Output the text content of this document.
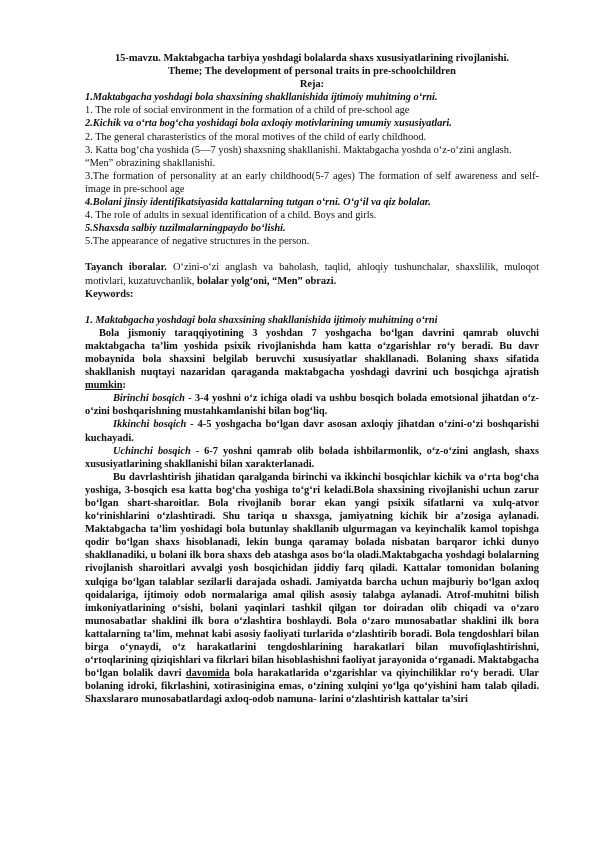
15-mavzu. Maktabgacha tarbiya yoshdagi bolalarda shaxs xususiyatlarining rivojlanishi.

Theme; The development of personal traits in pre-schoolchildren

Reja:

1.Maktabgacha yoshdagi bola shaxsining shakllanishida ijtimoiy muhitning o‘rni.

1. The role of social environment in the formation of a child of pre-school age

2.Kichik va o‘rta bog‘cha yoshidagi bola axloqiy motivlarining umumiy xususiyatlari.

2. The general charasteristics of the moral motives of the child of early childhood.

3. Katta bog‘cha yoshida (5—7 yosh) shaxsning shakllanishi. Maktabgacha yoshda o‘z-o‘zini anglash. “Men” obrazining shakllanishi.

3.The formation of personality at an early childhood(5-7 ages) The formation of self awareness and self-image in pre-school age

4.Bolani jinsiy identifikatsiyasida kattalarning tutgan o‘rni. O‘g‘il va qiz bolalar.

4. The role of adults in sexual identification of a child. Boys and girls.

5.Shaxsda salbiy tuzilmalarningpaydo bo‘lishi.

5.The appearance of negative structures in the person.

Tayanch iboralar. O‘zini-o‘zi anglash va baholash, taqlid, ahloqiy tushunchalar, shaxslilik, muloqot motivlari, kuzatuvchanlik, bolalar yolg‘oni, “Men” obrazi.

Keywords:

1. Maktabgacha yoshdagi bola shaxsining shakllanishida ijtimoiy muhitning o‘rni

Bola jismoniy taraqqiyotining 3 yoshdan 7 yoshgacha bo‘lgan davrini qamrab oluvchi maktabgacha ta’lim yoshida psixik rivojlanishda ham katta o‘zgarishlar ro‘y beradi. Bu davr mobaynida bola shaxsini belgilab beruvchi xususiyatlar shakllanadi. Bolaning shaxs sifatida shakllanish nuqtayi nazaridan qaraganda maktabgacha yoshdagi davrini uch bosqichga ajratish mumkin:

Birinchi bosqich - 3-4 yoshni o‘z ichiga oladi va ushbu bosqich bolada emotsional jihatdan o‘z-o‘zini boshqarishning mustahkamlanishi bilan bog‘liq.

Ikkinchi bosqich - 4-5 yoshgacha bo‘lgan davr asosan axloqiy jihatdan o‘zini-o‘zi boshqarishi kuchayadi.

Uchinchi bosqich - 6-7 yoshni qamrab olib bolada ishbilarmonlik, o‘z-o‘zini anglash, shaxs xususiyatlarining shakllanishi bilan xarakterlanadi.

Bu davrlashtirish jihatidan qaralganda birinchi va ikkinchi bosqichlar kichik va o‘rta bog‘cha yoshiga, 3-bosqich esa katta bog‘cha yoshiga to‘g‘ri keladi.Bola shaxsining rivojlanishi uchun zarur bo‘lgan shart-sharoitlar. Bola rivojlanib borar ekan yangi psixik sifatlarni va xulq-atvor ko‘rinishlarini o‘zlashtiradi. Shu tariqa u shaxsga, jamiyatning kichik bir a’zosiga aylanadi. Maktabgacha ta’lim yoshidagi bola butunlay shakllanib ulgurmagan va keyinchalik kamol topishga qodir bo‘lgan shaxs hisoblanadi, lekin bunga qaramay bolada nisbatan barqaror ichki dunyo shakllanadiki, u bolani ilk bora shaxs deb atashga asos bo‘la oladi.Maktabgacha yoshdagi bolalarning rivojlanish sharoitlari avvalgi yosh bosqichidan jiddiy farq qiladi. Kattalar tomonidan bolaning xulqiga bo‘lgan talablar sezilarli darajada oshadi. Jamiyatda barcha uchun majburiy bo‘lgan axloq qoidalariga, ijtimoiy odob normalariga amal qilish asosiy talabga aylanadi. Atrof-muhitni bilish imkoniyatlarining o‘sishi, bolani yaqinlari tashkil qilgan tor doiradan olib chiqadi va o‘zaro munosabatlar shaklini ilk bora o‘zlashtira boshlaydi. Bola o‘zaro munosabatlar shaklini ilk bora kattalarning ta’lim, mehnat kabi asosiy faoliyati turlarida o‘zlashtirib boradi. Bola tengdoshlari bilan birga o‘ynaydi, o‘z harakatlarini tengdoshlarining harakatlari bilan muvofiqlashtirishni, o‘rtoqlarining qiziqishlari va fikrlari bilan hisoblashishni faoliyat jarayonida o‘rganadi. Maktabgacha bo‘lgan bolalik davri davomida bola harakatlarida o‘zgarishlar va qiyinchiliklar ro‘y beradi. Ular bolaning idroki, fikrlashini, xotirasinigina emas, o‘zining xulqini yo‘lga qo‘yishini ham talab qiladi. Shaxslararo munosabatlardagi axloq-odob namuna- larini o‘zlashtirish kattalar ta’siri
